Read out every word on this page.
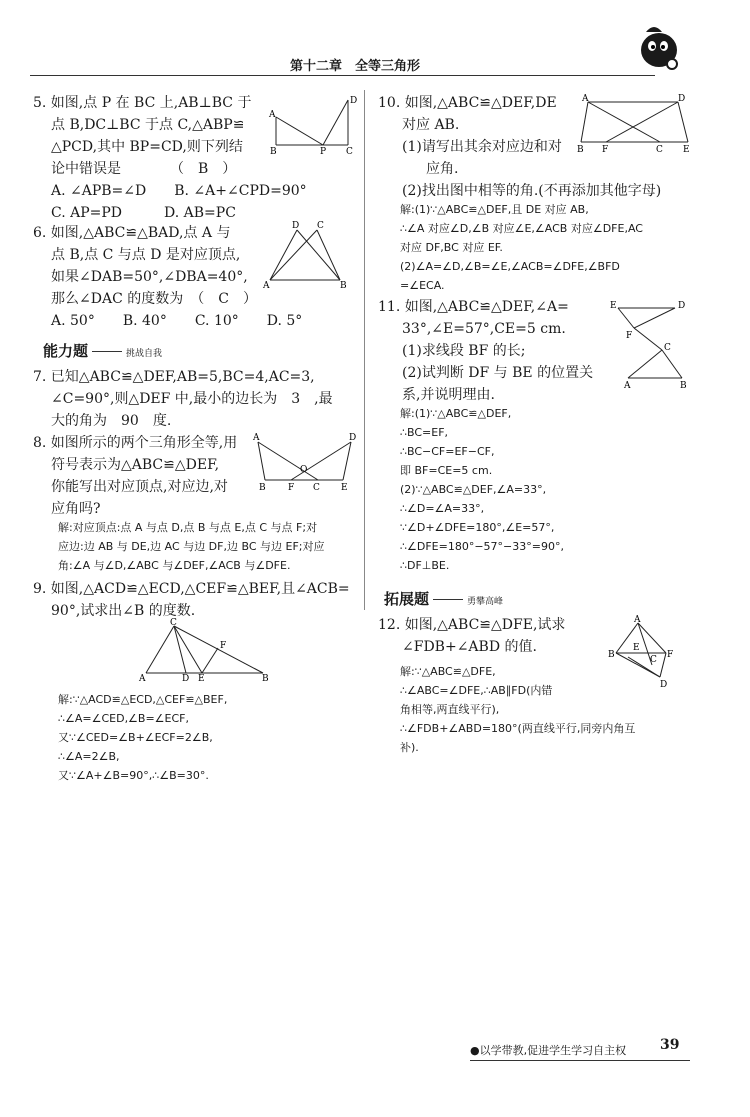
第十二章　全等三角形
5. 如图,点 P 在 BC 上,AB⊥BC 于
点 B,DC⊥BC 于点 C,△ABP≌
△PCD,其中 BP=CD,则下列结
论中错误是　　　　（　B　）
A. ∠APB=∠D　　B. ∠A+∠CPD=90°
C. AP=PD　　　D. AB=PC
A
B	P C
D
6. 如图,△ABC≌△BAD,点 A 与
点 B,点 C 与点 D 是对应顶点,
如果∠DAB=50°,∠DBA=40°,
那么∠DAC 的度数为　（　C　）
A. 50°　　B. 40°　　C. 10°　　D. 5°
A	B
D C
能力题	挑战自我
7. 已知△ABC≌△DEF,AB=5,BC=4,AC=3,
∠C=90°,则△DEF 中,最小的边长为　3　,最
大的角为　90　度.
8. 如图所示的两个三角形全等,用
符号表示为△ABC≌△DEF,
你能写出对应顶点,对应边,对
应角吗?
A	D
O
B F C E
解:对应顶点:点 A 与点 D,点 B 与点 E,点 C 与点 F;对
应边:边 AB 与 DE,边 AC 与边 DF,边 BC 与边 EF;对应
角:∠A 与∠D,∠ABC 与∠DEF,∠ACB 与∠DFE.
9. 如图,△ACD≌△ECD,△CEF≌△BEF,且∠ACB=
90°,试求出∠B 的度数.
C
A	D E
F
B
解:∵△ACD≌△ECD,△CEF≌△BEF,
∴∠A=∠CED,∠B=∠ECF,
又∵∠CED=∠B+∠ECF=2∠B,
∴∠A=2∠B,
又∵∠A+∠B=90°,∴∠B=30°.
10. 如图,△ABC≌△DEF,DE
对应 AB.
(1)请写出其余对应边和对
应角.
(2)找出图中相等的角.(不再添加其他字母)
A	D
B F	C E
解:(1)∵△ABC≌△DEF,且 DE 对应 AB,
∴∠A 对应∠D,∠B 对应∠E,∠ACB 对应∠DFE,AC
对应 DF,BC 对应 EF.
(2)∠A=∠D,∠B=∠E,∠ACB=∠DFE,∠BFD
=∠ECA.
11. 如图,△ABC≌△DEF,∠A=
33°,∠E=57°,CE=5 cm.
(1)求线段 BF 的长;
(2)试判断 DF 与 BE 的位置关
系,并说明理由.
E	D
F
C
A	B
解:(1)∵△ABC≌△DEF,
∴BC=EF,
∴BC−CF=EF−CF,
即 BF=CE=5 cm.
(2)∵△ABC≌△DEF,∠A=33°,
∴∠D=∠A=33°,
∵∠D+∠DFE=180°,∠E=57°,
∴∠DFE=180°−57°−33°=90°,
∴DF⊥BE.
拓展题	勇攀高峰
12. 如图,△ABC≌△DFE,试求
∠FDB+∠ABD 的值.
A
B	F
E
C
D
解:∵△ABC≌△DFE,
∴∠ABC=∠DFE,∴AB∥FD(内错
角相等,两直线平行),
∴∠FDB+∠ABD=180°(两直线平行,同旁内角互
补).
●以学带教,促进学生学习自主权 39
